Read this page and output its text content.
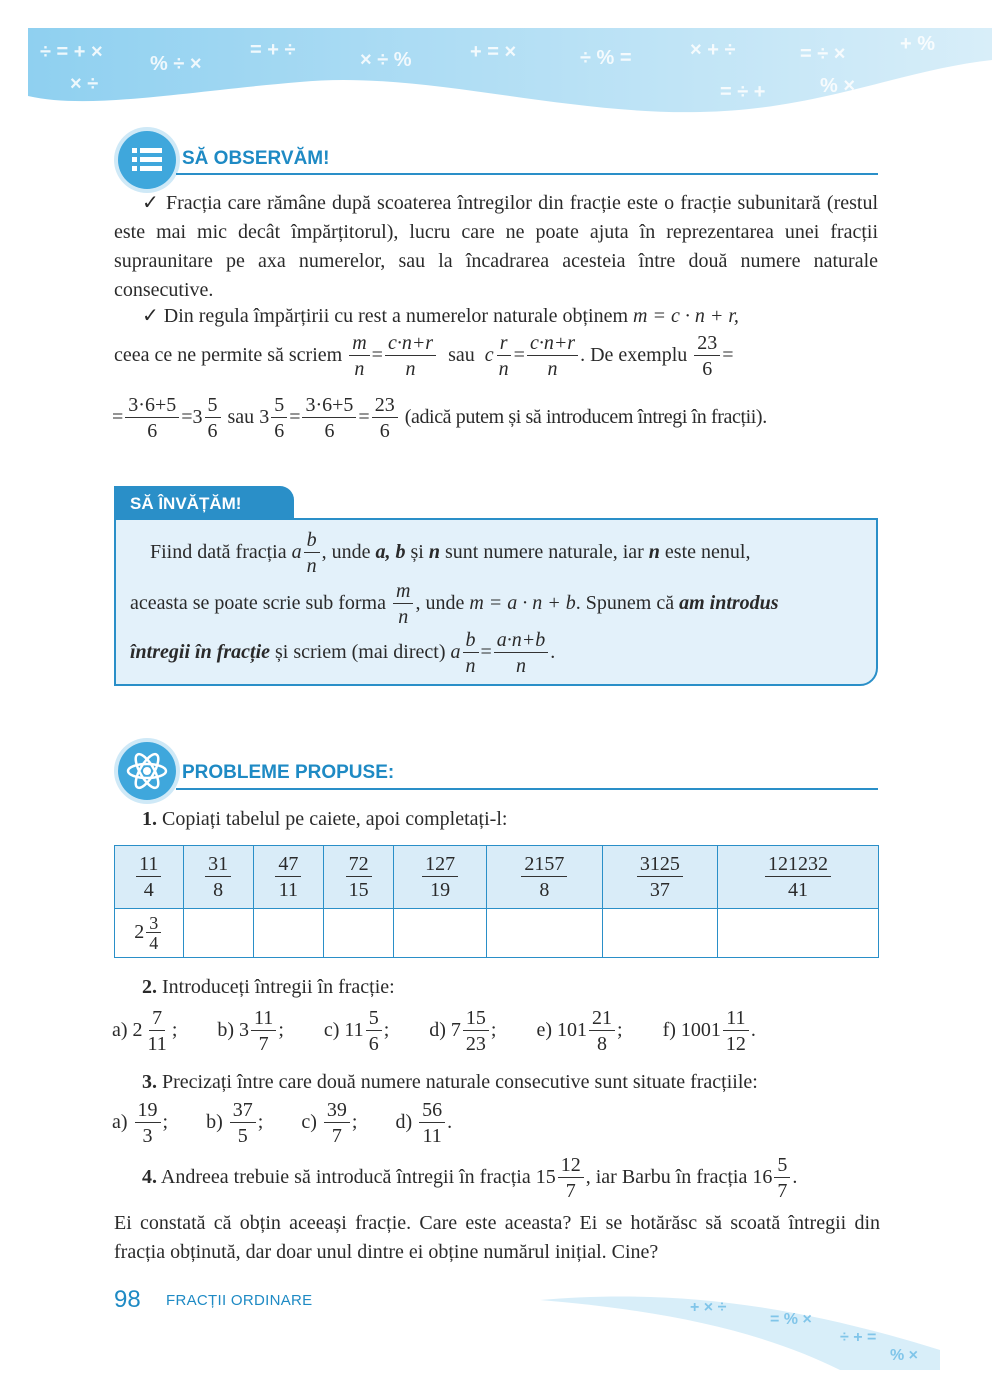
÷ = + ×
% ÷ ×
= + ÷	× ÷ %	+ = ×	÷ % =	× + ÷	= ÷ ×	+ %
× ÷	+ ×	= ÷ +	% ×
SĂ OBSERVĂM!
✓ Fracția care rămâne după scoaterea întregilor din fracție este o fracție subunitară (restul este mai mic decât împărțitorul), lucru care ne poate ajuta în reprezentarea unei fracții supraunitare pe axa numerelor, sau la încadrarea acesteia între două numere naturale consecutive.
✓ Din regula împărțirii cu rest a numerelor naturale obținem m = c · n + r,
ceea ce ne permite să scriem $\frac{m}{n} = \frac{c\cdot n+r}{n}$ sau c $\frac{r}{n} = \frac{c\cdot n+r}{n}$ . De exemplu $\frac{23}{6}$ =
= $\frac{3\cdot 6+5}{6} =3 \frac{5}{6}$ sau $3 \frac{5}{6} = \frac{3\cdot 6+5}{6} = \frac{23}{6}$ (adică putem și să introducem întregi în fracții).
SĂ ÎNVĂȚĂM!
Fiind dată fracția a $\frac{b}{n}$ , unde a, b și n sunt numere naturale, iar n este nenul,
aceasta se poate scrie sub forma $\frac{m}{n}$ , unde m = a · n + b. Spunem că am introdus
întregii în fracție și scriem (mai direct) a $\frac{b}{n} = \frac{a\cdot n+b}{n}$ .
PROBLEME PROPUSE:
1. Copiați tabelul pe caiete, apoi completați-l:
$\frac{11}{4}$	$\frac{31}{8}$	$\frac{47}{11}$	$\frac{72}{15}$	$\frac{127}{19}$	$\frac{2157}{8}$	$\frac{3125}{37}$	$\frac{121232}{41}$

$2 \frac{3}{4}$

2. Introduceți întregii în fracție:
a) $2 \frac{7}{11}$ ; b) $3 \frac{11}{7}$ ; c) $11 \frac{5}{6}$ ; d) $7 \frac{15}{23}$ ; e) $101 \frac{21}{8}$ ; f) $1001 \frac{11}{12}$ .
3. Precizați între care două numere naturale consecutive sunt situate fracțiile:
$a) \frac{19}{3}$ ; $b) \frac{37}{5}$ ; $c) \frac{39}{7}$ ; $d) \frac{56}{11}$ .
4. Andreea trebuie să introducă întregii în fracția $15 \frac{12}{7}$ , iar Barbu în fracția $16 \frac{5}{7}$ .
Ei constată că obțin aceeași fracție. Care este aceasta? Ei se hotărăsc să scoată întregii din fracția obținută, dar doar unul dintre ei obține numărul inițial. Cine?
98 FRACȚII ORDINARE	+ × ÷
= % ×
÷ + =
% ×
